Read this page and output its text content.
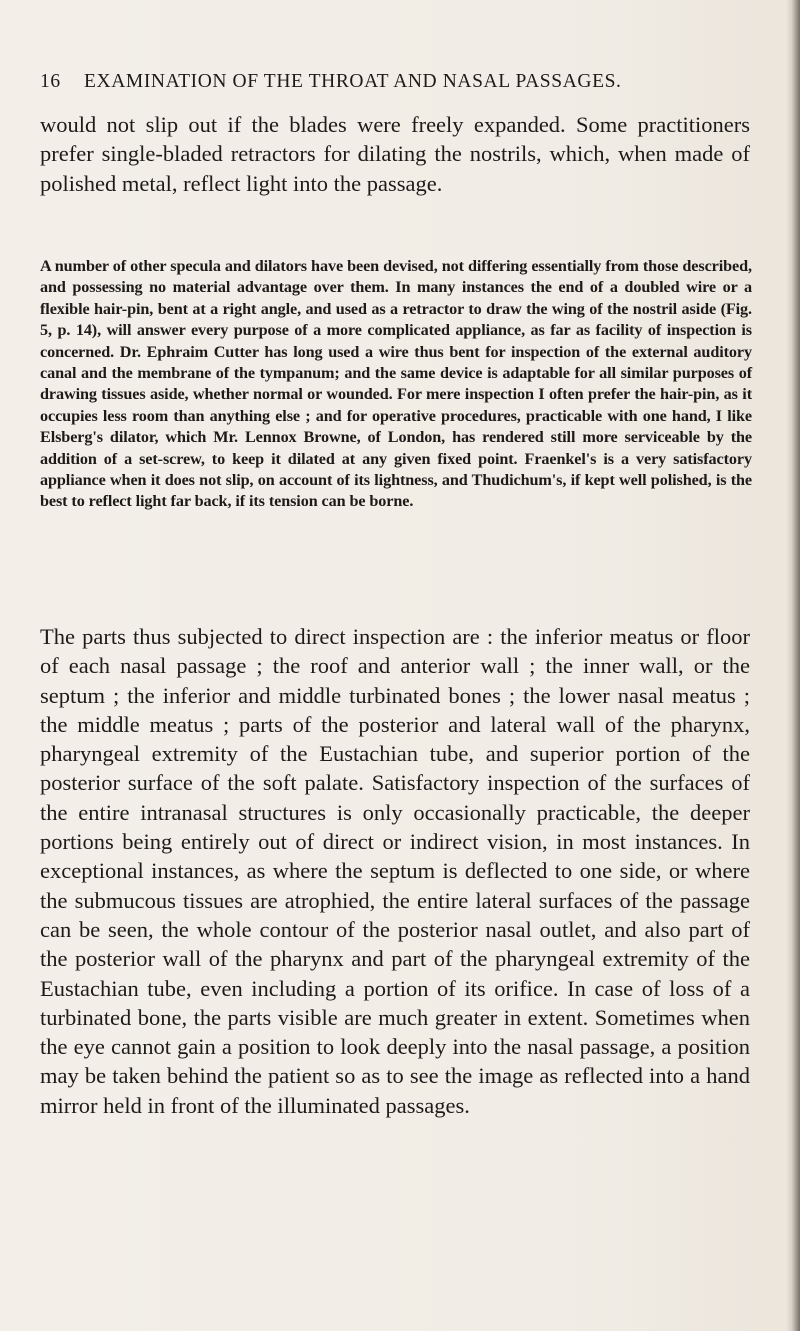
16 EXAMINATION OF THE THROAT AND NASAL PASSAGES.

would not slip out if the blades were freely expanded. Some practitioners prefer single-bladed retractors for dilating the nostrils, which, when made of polished metal, reflect light into the passage.

A number of other specula and dilators have been devised, not differing essentially from those described, and possessing no material advantage over them. In many instances the end of a doubled wire or a flexible hair-pin, bent at a right angle, and used as a retractor to draw the wing of the nostril aside (Fig. 5, p. 14), will answer every purpose of a more complicated appliance, as far as facility of inspection is concerned. Dr. Ephraim Cutter has long used a wire thus bent for inspection of the external auditory canal and the membrane of the tympanum; and the same device is adaptable for all similar purposes of drawing tissues aside, whether normal or wounded. For mere inspection I often prefer the hair-pin, as it occupies less room than anything else ; and for operative procedures, practicable with one hand, I like Elsberg's dilator, which Mr. Lennox Browne, of London, has rendered still more serviceable by the addition of a set-screw, to keep it dilated at any given fixed point. Fraenkel's is a very satisfactory appliance when it does not slip, on account of its lightness, and Thudichum's, if kept well polished, is the best to reflect light far back, if its tension can be borne.

The parts thus subjected to direct inspection are : the inferior meatus or floor of each nasal passage ; the roof and anterior wall ; the inner wall, or the septum ; the inferior and middle turbinated bones ; the lower nasal meatus ; the middle meatus ; parts of the posterior and lateral wall of the pharynx, pharyngeal extremity of the Eustachian tube, and superior portion of the posterior surface of the soft palate. Satisfactory inspection of the surfaces of the entire intranasal structures is only occasionally practicable, the deeper portions being entirely out of direct or indirect vision, in most instances. In exceptional instances, as where the septum is deflected to one side, or where the submucous tissues are atrophied, the entire lateral surfaces of the passage can be seen, the whole contour of the posterior nasal outlet, and also part of the posterior wall of the pharynx and part of the pharyngeal extremity of the Eustachian tube, even including a portion of its orifice. In case of loss of a turbinated bone, the parts visible are much greater in extent. Sometimes when the eye cannot gain a position to look deeply into the nasal passage, a position may be taken behind the patient so as to see the image as reflected into a hand mirror held in front of the illuminated passages.
